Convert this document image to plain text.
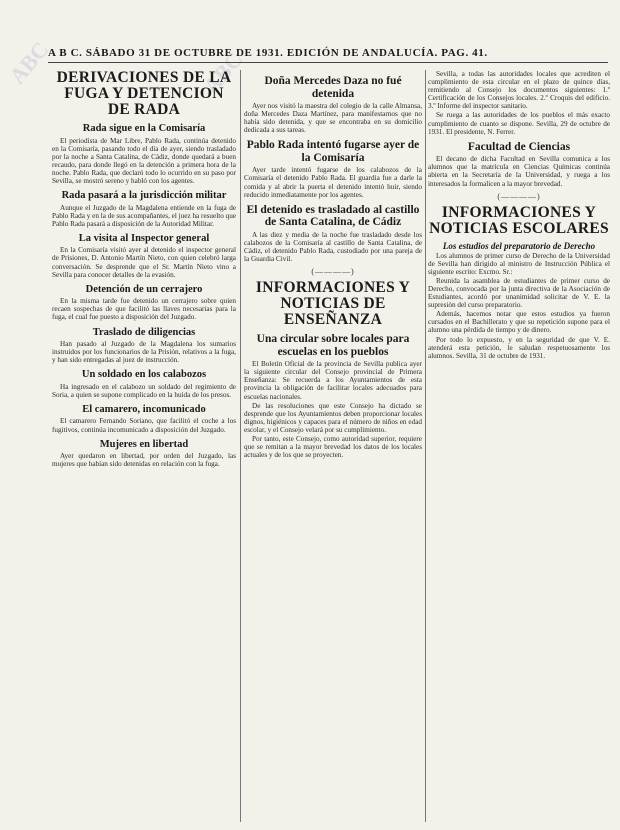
ABC	ABC
A B C. SÁBADO 31 DE OCTUBRE DE 1931. EDICIÓN DE ANDALUCÍA. PAG. 41.
DERIVACIONES DE LA FUGA Y DETENCION DE RADA
Rada sigue en la Comisaría

El periodista de Mar Libre, Pablo Rada, continúa detenido en la Comisaría, pasando todo el día de ayer, siendo trasladado por la noche a Santa Catalina, de Cádiz, donde quedará a buen recaudo, para donde llegó en la detención a primera hora de la noche. Pablo Rada, que declaró todo lo ocurrido en su paso por Sevilla, se mostró sereno y habló con los agentes.

Rada pasará a la jurisdicción militar

Aunque el Juzgado de la Magdalena entiende en la fuga de Pablo Rada y en la de sus acompañantes, el juez ha resuelto que Pablo Rada pasará a disposición de la Autoridad Militar.

La visita al Inspector general

En la Comisaría visitó ayer al detenido el inspector general de Prisiones, D. Antonio Martín Nieto, con quien celebró larga conversación. Se desprende que el Sr. Martín Nieto vino a Sevilla para conocer detalles de la evasión.

Detención de un cerrajero

En la misma tarde fue detenido un cerrajero sobre quien recaen sospechas de que facilitó las llaves necesarias para la fuga, el cual fue puesto a disposición del Juzgado.

Traslado de diligencias

Han pasado al Juzgado de la Magdalena los sumarios instruidos por los funcionarios de la Prisión, relativos a la fuga, y han sido entregadas al juez de instrucción.

Un soldado en los calabozos

Ha ingresado en el calabozo un soldado del regimiento de Soria, a quien se supone complicado en la huida de los presos.

El camarero, incomunicado

El camarero Fernando Soriano, que facilitó el coche a los fugitivos, continúa incomunicado a disposición del Juzgado.

Mujeres en libertad

Ayer quedaron en libertad, por orden del Juzgado, las mujeres que habían sido detenidas en relación con la fuga.

Doña Mercedes Daza no fué detenida

Ayer nos visitó la maestra del colegio de la calle Almansa, doña Mercedes Daza Martínez, para manifestarnos que no había sido detenida, y que se encontraba en su domicilio dedicada a sus tareas.

Pablo Rada intentó fugarse ayer de la Comisaría

Ayer tarde intentó fugarse de los calabozos de la Comisaría el detenido Pablo Rada. El guardia fue a darle la comida y al abrir la puerta el detenido intentó huir, siendo reducido inmediatamente por los agentes.

El detenido es trasladado al castillo de Santa Catalina, de Cádiz

A las diez y media de la noche fue trasladado desde los calabozos de la Comisaría al castillo de Santa Catalina, de Cádiz, el detenido Pablo Rada, custodiado por una pareja de la Guardia Civil.

(————)
INFORMACIONES Y NOTICIAS DE ENSEÑANZA
Una circular sobre locales para escuelas en los pueblos

El Boletín Oficial de la provincia de Sevilla publica ayer la siguiente circular del Consejo provincial de Primera Enseñanza: Se recuerda a los Ayuntamientos de esta provincia la obligación de facilitar locales adecuados para escuelas nacionales.

De las resoluciones que este Consejo ha dictado se desprende que los Ayuntamientos deben proporcionar locales dignos, higiénicos y capaces para el número de niños en edad escolar, y el Consejo velará por su cumplimiento.

Por tanto, este Consejo, como autoridad superior, requiere que se remitan a la mayor brevedad los datos de los locales actuales y de los que se proyecten.

Sevilla, a todas las autoridades locales que acrediten el cumplimiento de esta circular en el plazo de quince días, remitiendo al Consejo los documentos siguientes: 1.º Certificación de los Consejos locales. 2.º Croquis del edificio. 3.º Informe del inspector sanitario.

Se ruega a las autoridades de los pueblos el más exacto cumplimiento de cuanto se dispone. Sevilla, 29 de octubre de 1931. El presidente, N. Ferrer.

Facultad de Ciencias

El decano de dicha Facultad en Sevilla comunica a los alumnos que la matrícula en Ciencias Químicas continúa abierta en la Secretaría de la Universidad, y ruega a los interesados la formalicen a la mayor brevedad.

(————)
INFORMACIONES Y NOTICIAS ESCOLARES
Los estudios del preparatorio de Derecho

Los alumnos de primer curso de Derecho de la Universidad de Sevilla han dirigido al ministro de Instrucción Pública el siguiente escrito: Excmo. Sr.:

Reunida la asamblea de estudiantes de primer curso de Derecho, convocada por la junta directiva de la Asociación de Estudiantes, acordó por unanimidad solicitar de V. E. la supresión del curso preparatorio.

Además, hacemos notar que estos estudios ya fueron cursados en el Bachillerato y que su repetición supone para el alumno una pérdida de tiempo y de dinero.

Por todo lo expuesto, y en la seguridad de que V. E. atenderá esta petición, le saludan respetuosamente los alumnos. Sevilla, 31 de octubre de 1931.
